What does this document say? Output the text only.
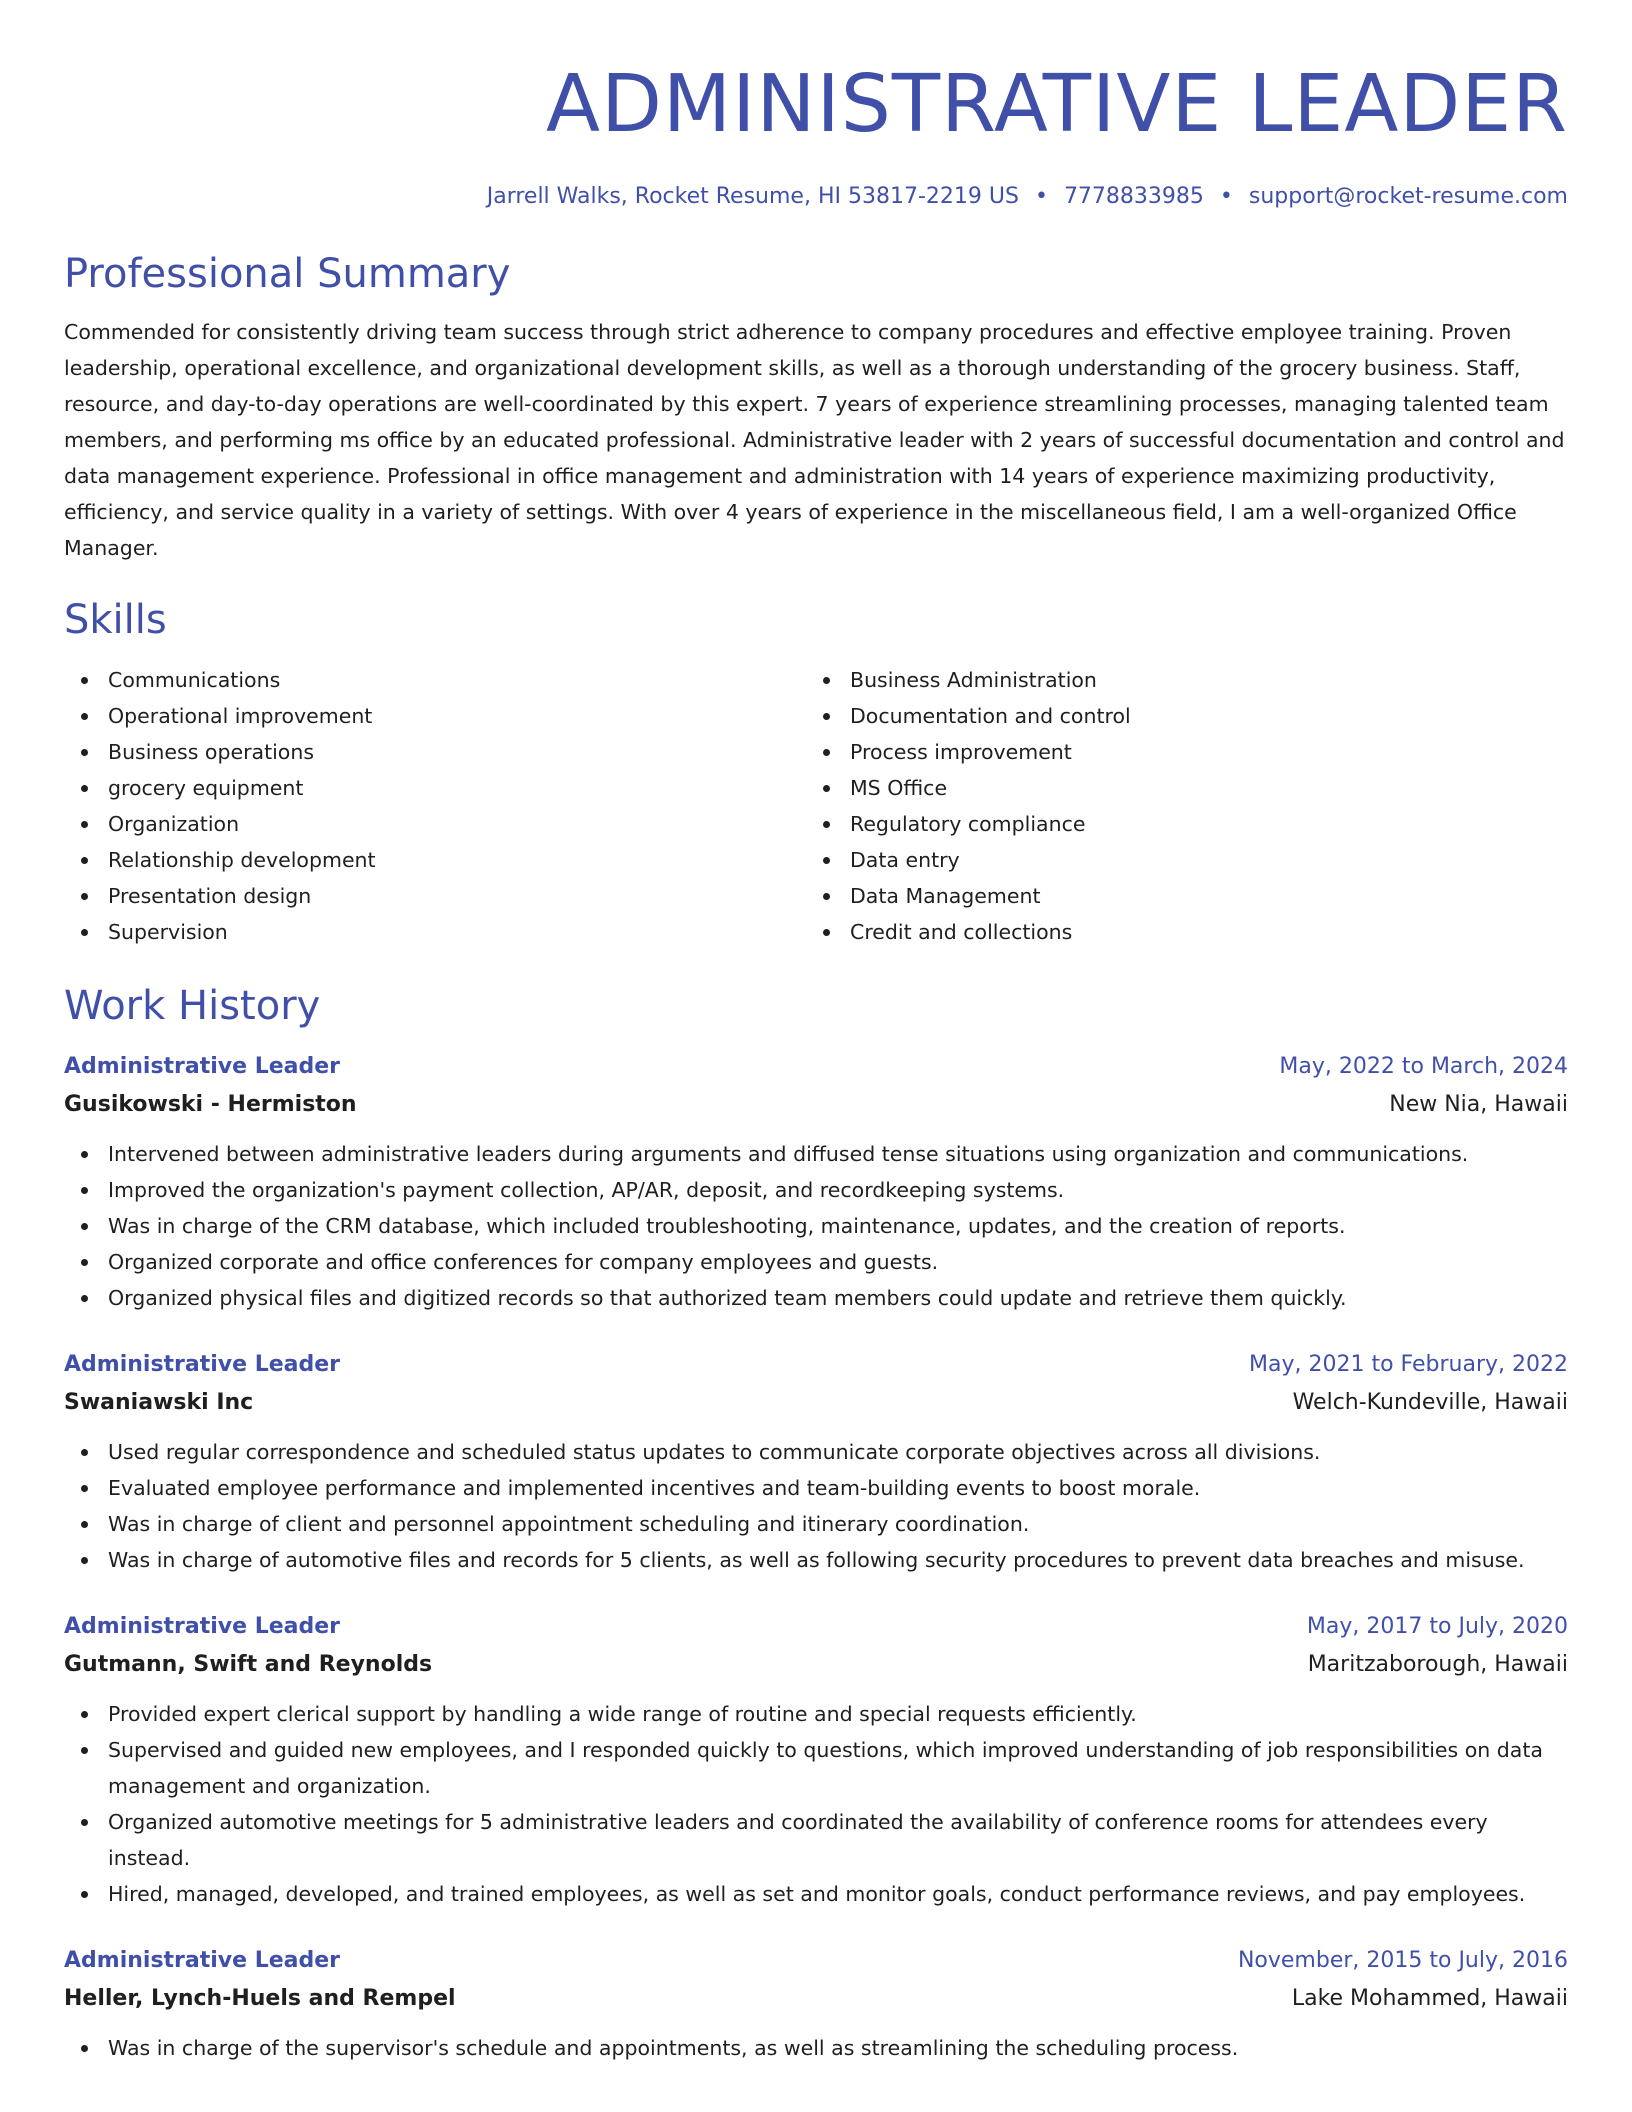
ADMINISTRATIVE LEADER
Jarrell Walks, Rocket Resume, HI 53817-2219 US • 7778833985 • support@rocket-resume.com
Professional Summary

Commended for consistently driving team success through strict adherence to company procedures and effective employee training. Proven leadership, operational excellence, and organizational development skills, as well as a thorough understanding of the grocery business. Staff, resource, and day-to-day operations are well-coordinated by this expert. 7 years of experience streamlining processes, managing talented team members, and performing ms office by an educated professional. Administrative leader with 2 years of successful documentation and control and data management experience. Professional in office management and administration with 14 years of experience maximizing productivity, efficiency, and service quality in a variety of settings. With over 4 years of experience in the miscellaneous field, I am a well-organized Office Manager.

Skills
Communications
Operational improvement
Business operations
grocery equipment
Organization
Relationship development
Presentation design
Supervision
Business Administration
Documentation and control
Process improvement
MS Office
Regulatory compliance
Data entry
Data Management
Credit and collections
Work History
Administrative Leader	May, 2022 to March, 2024
Gusikowski - Hermiston	New Nia, Hawaii
Intervened between administrative leaders during arguments and diffused tense situations using organization and communications.
Improved the organization's payment collection, AP/AR, deposit, and recordkeeping systems.
Was in charge of the CRM database, which included troubleshooting, maintenance, updates, and the creation of reports.
Organized corporate and office conferences for company employees and guests.
Organized physical files and digitized records so that authorized team members could update and retrieve them quickly.
Administrative Leader	May, 2021 to February, 2022
Swaniawski Inc	Welch-Kundeville, Hawaii
Used regular correspondence and scheduled status updates to communicate corporate objectives across all divisions.
Evaluated employee performance and implemented incentives and team-building events to boost morale.
Was in charge of client and personnel appointment scheduling and itinerary coordination.
Was in charge of automotive files and records for 5 clients, as well as following security procedures to prevent data breaches and misuse.
Administrative Leader	May, 2017 to July, 2020
Gutmann, Swift and Reynolds	Maritzaborough, Hawaii
Provided expert clerical support by handling a wide range of routine and special requests efficiently.
Supervised and guided new employees, and I responded quickly to questions, which improved understanding of job responsibilities on data management and organization.
Organized automotive meetings for 5 administrative leaders and coordinated the availability of conference rooms for attendees every instead.
Hired, managed, developed, and trained employees, as well as set and monitor goals, conduct performance reviews, and pay employees.
Administrative Leader	November, 2015 to July, 2016
Heller, Lynch-Huels and Rempel	Lake Mohammed, Hawaii
Was in charge of the supervisor's schedule and appointments, as well as streamlining the scheduling process.
